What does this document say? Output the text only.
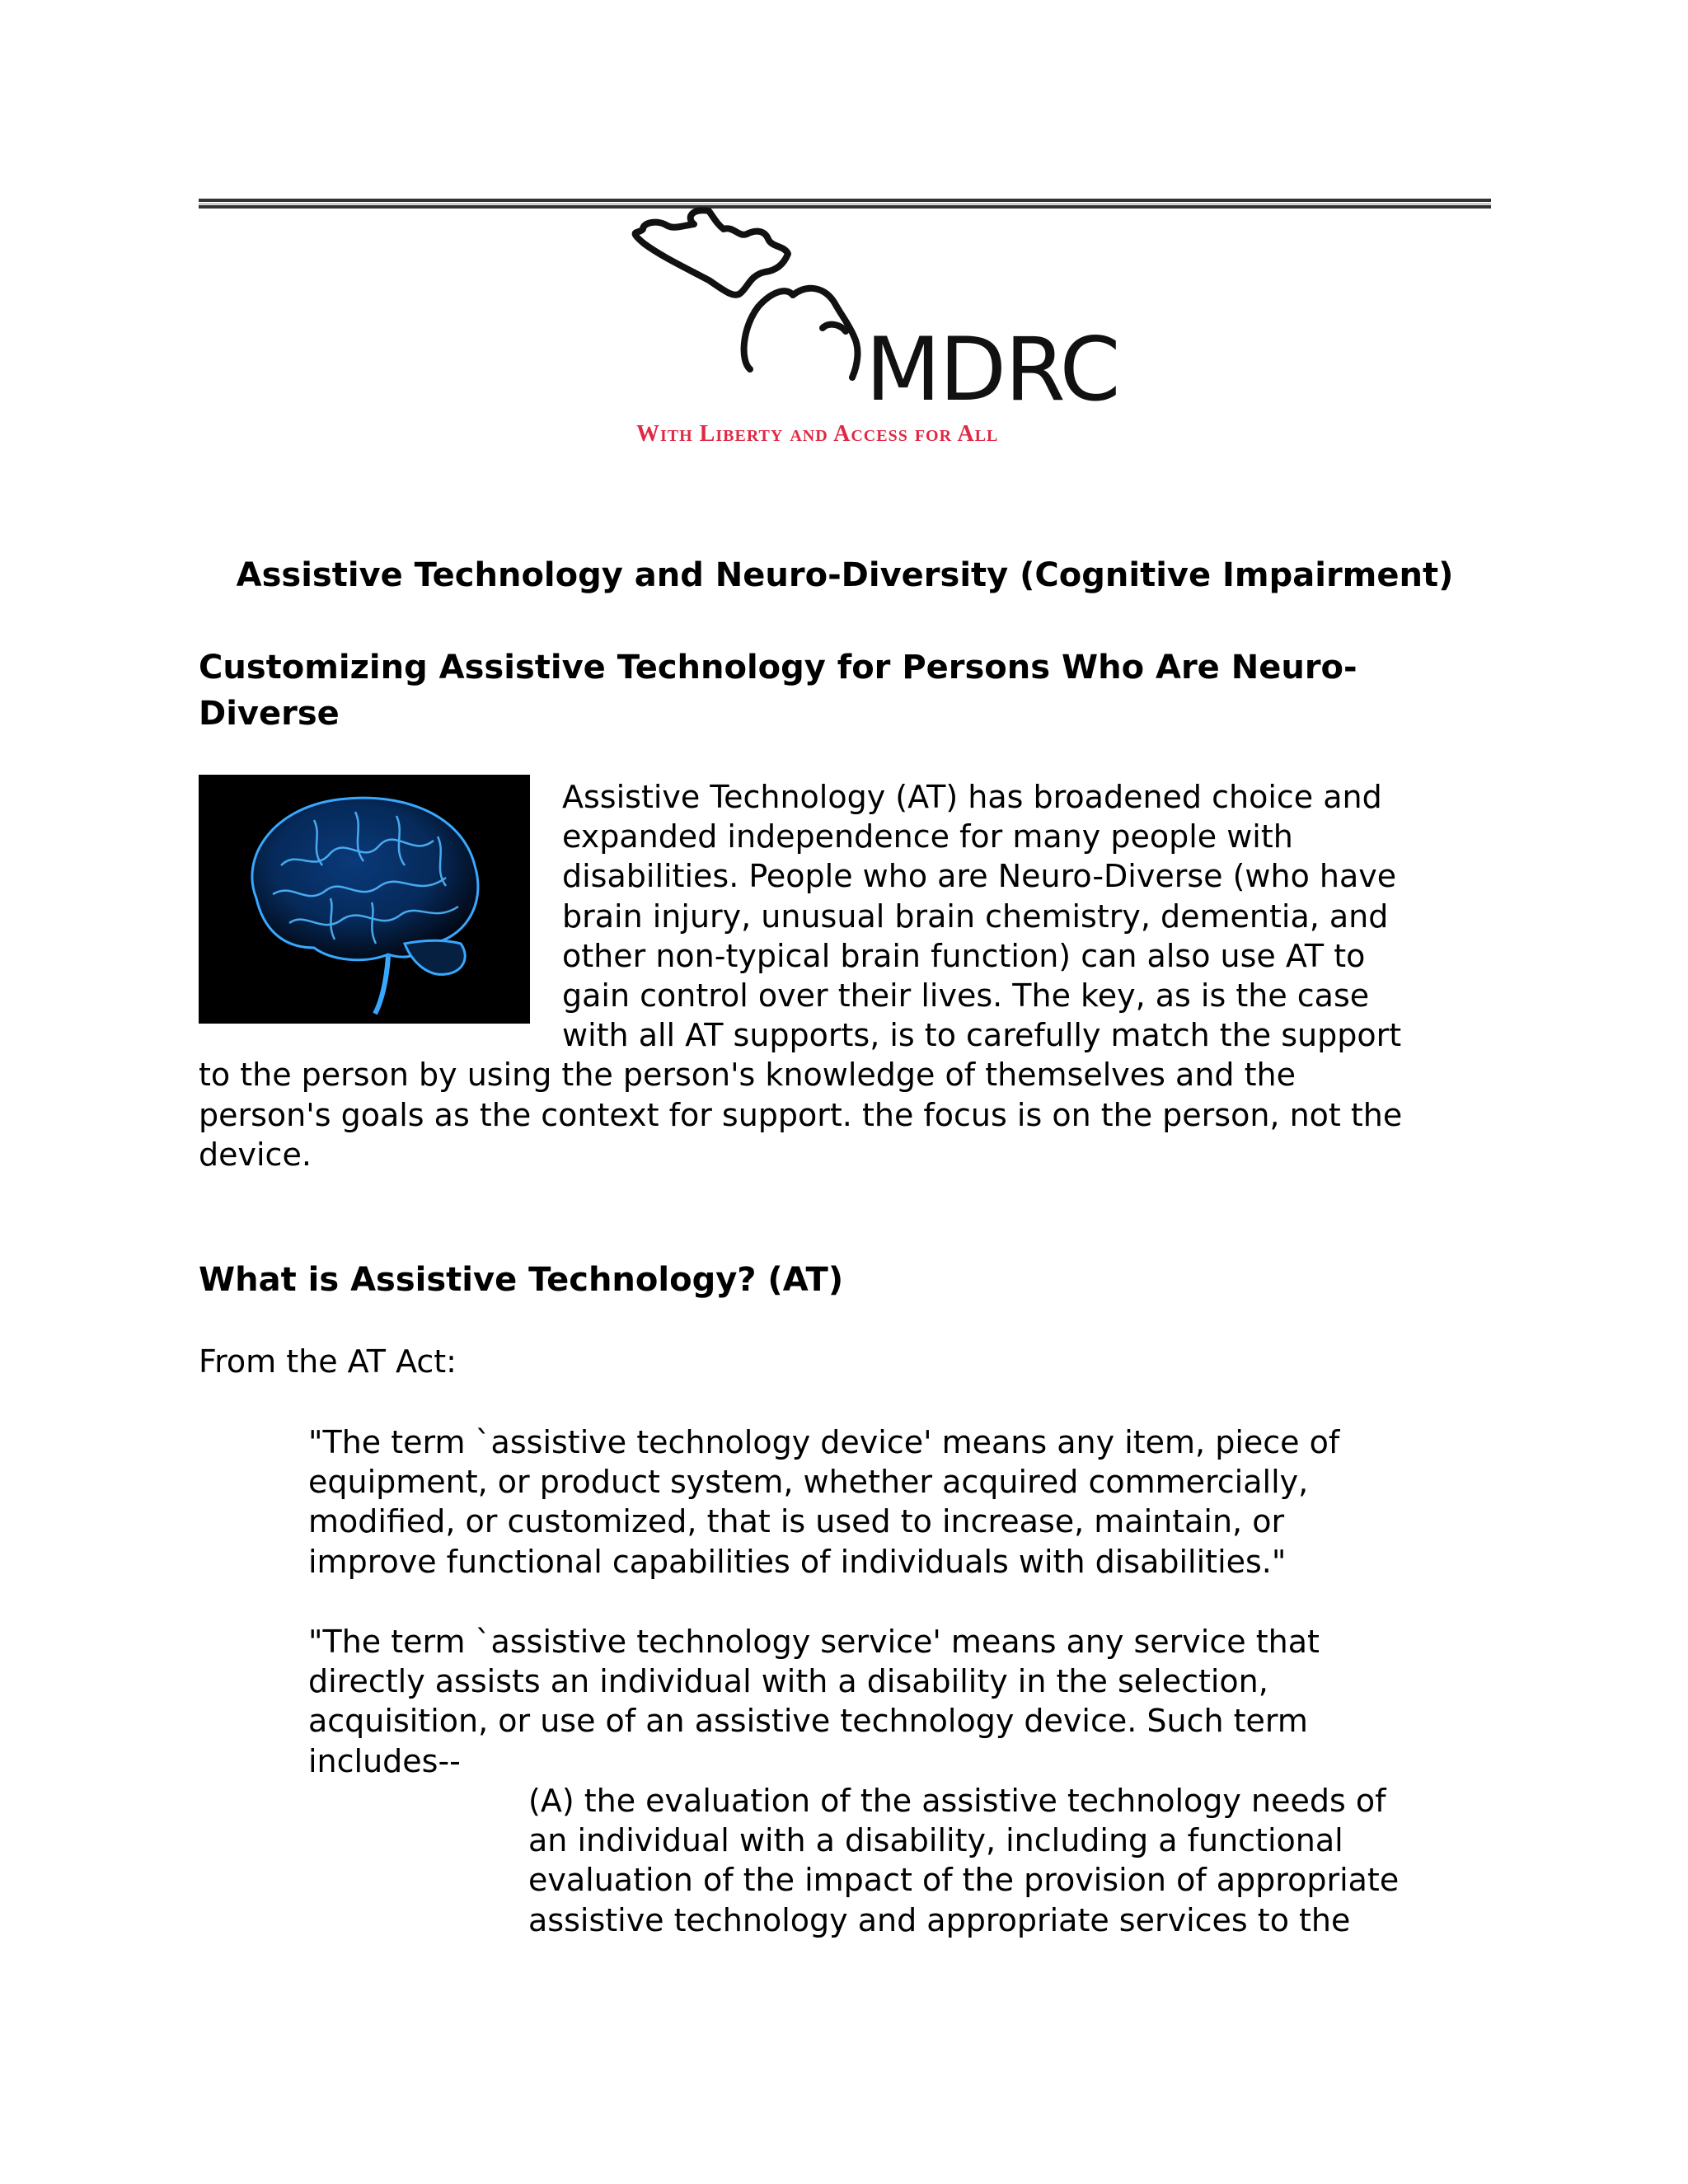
MDRC
With Liberty and Access for All
Assistive Technology and Neuro-Diversity (Cognitive Impairment)
Customizing Assistive Technology for Persons Who Are Neuro-
Diverse
Assistive Technology (AT) has broadened choice and
expanded independence for many people with
disabilities. People who are Neuro-Diverse (who have
brain injury, unusual brain chemistry, dementia, and
other non-typical brain function) can also use AT to
gain control over their lives. The key, as is the case
with all AT supports, is to carefully match the support
to the person by using the person's knowledge of themselves and the
person's goals as the context for support. the focus is on the person, not the
device.
What is Assistive Technology? (AT)
From the AT Act:
"The term `assistive technology device' means any item, piece of
equipment, or product system, whether acquired commercially,
modified, or customized, that is used to increase, maintain, or
improve functional capabilities of individuals with disabilities."
"The term `assistive technology service' means any service that
directly assists an individual with a disability in the selection,
acquisition, or use of an assistive technology device. Such term
includes--
(A) the evaluation of the assistive technology needs of
an individual with a disability, including a functional
evaluation of the impact of the provision of appropriate
assistive technology and appropriate services to the
